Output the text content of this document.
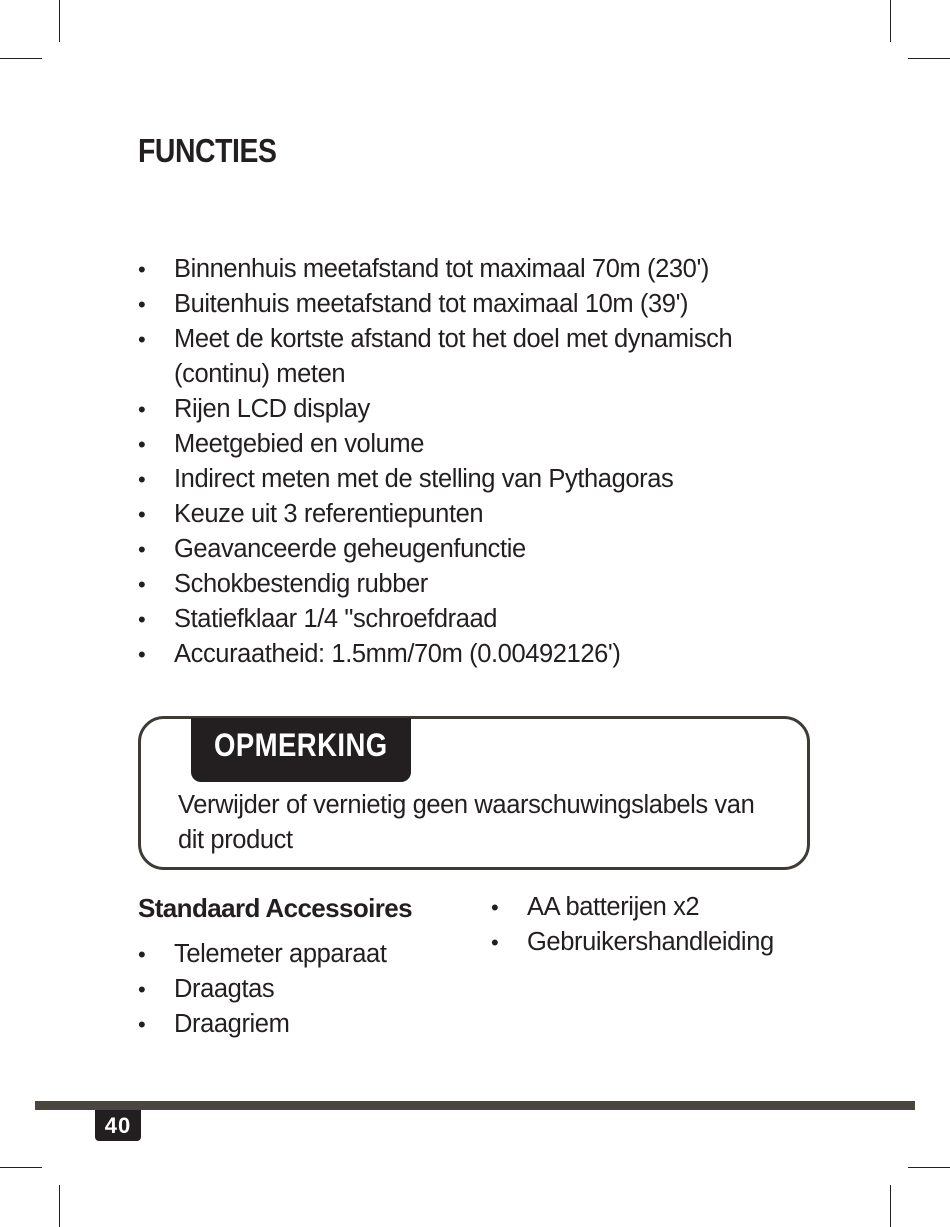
FUNCTIES
• Binnenhuis meetafstand tot maximaal 70m (230')
• Buitenhuis meetafstand tot maximaal 10m (39')
• Meet de kortste afstand tot het doel met dynamisch (continu) meten
• Rijen LCD display
• Meetgebied en volume
• Indirect meten met de stelling van Pythagoras
• Keuze uit 3 referentiepunten
• Geavanceerde geheugenfunctie
• Schokbestendig rubber
• Statiefklaar 1/4 "schroefdraad
• Accuraatheid: 1.5mm/70m (0.00492126')
OPMERKING
Verwijder of vernietig geen waarschuwingslabels van dit product
Standaard Accessoires
• Telemeter apparaat
• Draagtas
• Draagriem
• AA batterijen x2
• Gebruikershandleiding
40
